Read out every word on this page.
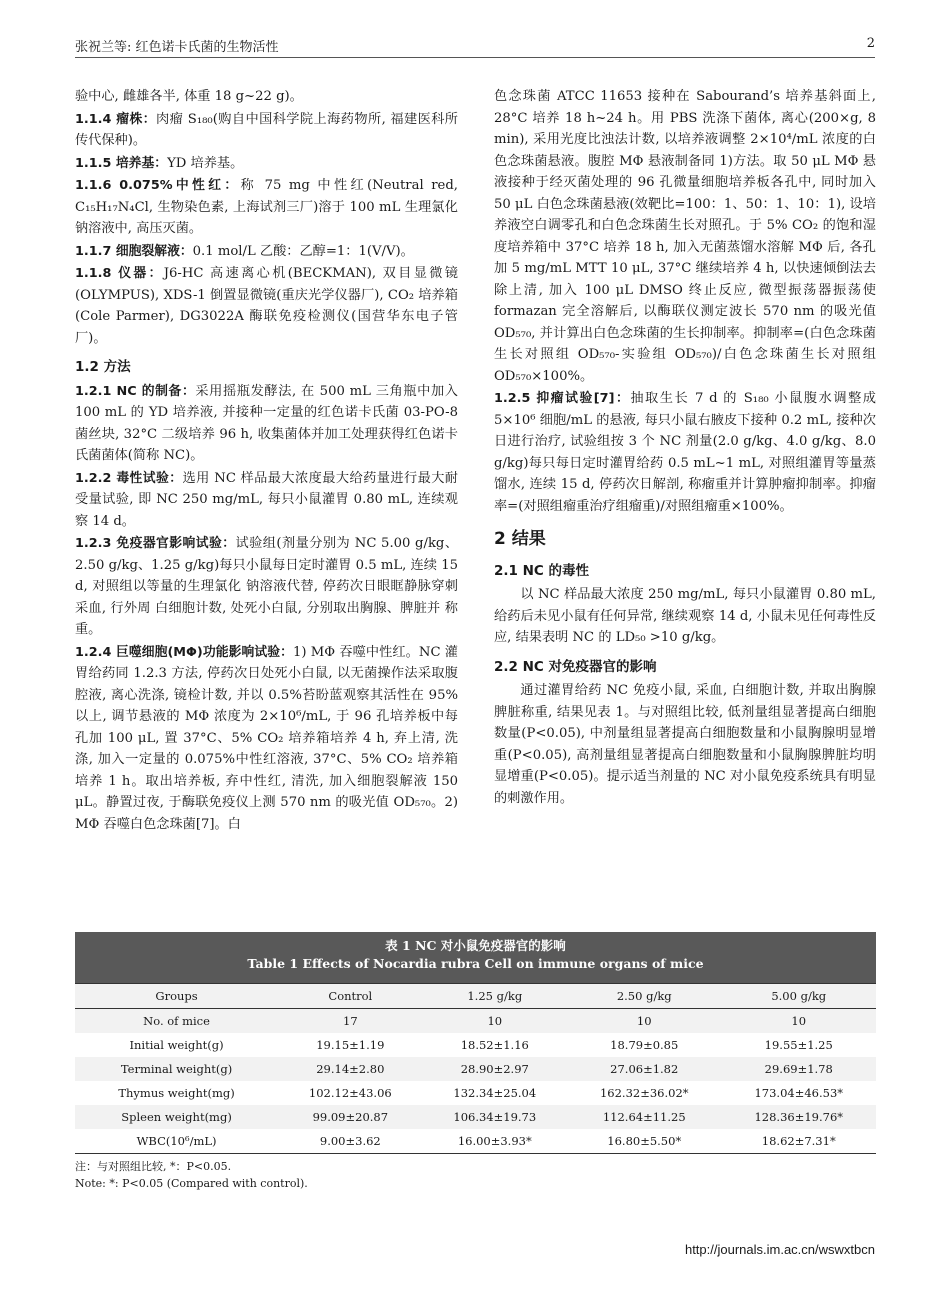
张祝兰等: 红色诺卡氏菌的生物活性	2

验中心, 雌雄各半, 体重 18 g~22 g)。

1.1.4 瘤株：肉瘤 S₁₈₀(购自中国科学院上海药物所, 福建医科所传代保种)。

1.1.5 培养基：YD 培养基。

1.1.6 0.075%中性红：称 75 mg 中性红(Neutral red, C₁₅H₁₇N₄Cl, 生物染色素, 上海试剂三厂)溶于 100 mL 生理氯化钠溶液中, 高压灭菌。

1.1.7 细胞裂解液：0.1 mol/L 乙酸：乙醇=1：1(V/V)。

1.1.8 仪器：J6-HC 高速离心机(BECKMAN), 双目显微镜(OLYMPUS), XDS-1 倒置显微镜(重庆光学仪器厂), CO₂ 培养箱(Cole Parmer), DG3022A 酶联免疫检测仪(国营华东电子管厂)。

1.2 方法

1.2.1 NC 的制备：采用摇瓶发酵法, 在 500 mL 三角瓶中加入 100 mL 的 YD 培养液, 并接种一定量的红色诺卡氏菌 03-PO-8 菌丝块, 32°C 二级培养 96 h, 收集菌体并加工处理获得红色诺卡氏菌菌体(简称 NC)。

1.2.2 毒性试验：选用 NC 样品最大浓度最大给药量进行最大耐受量试验, 即 NC 250 mg/mL, 每只小鼠灌胃 0.80 mL, 连续观察 14 d。

1.2.3 免疫器官影响试验：试验组(剂量分别为 NC 5.00 g/kg、2.50 g/kg、1.25 g/kg)每只小鼠每日定时灌胃 0.5 mL, 连续 15 d, 对照组以等量的生理氯化 钠溶液代替, 停药次日眼眶静脉穿刺采血, 行外周 白细胞计数, 处死小白鼠, 分别取出胸腺、脾脏并 称重。

1.2.4 巨噬细胞(MΦ)功能影响试验：1) MΦ 吞噬中性红。NC 灌胃给药同 1.2.3 方法, 停药次日处死小白鼠, 以无菌操作法采取腹腔液, 离心洗涤, 镜检计数, 并以 0.5%苔盼蓝观察其活性在 95%以上, 调节悬液的 MΦ 浓度为 2×10⁶/mL, 于 96 孔培养板中每孔加 100 μL, 置 37°C、5% CO₂ 培养箱培养 4 h, 弃上清, 洗涤, 加入一定量的 0.075%中性红溶液, 37°C、5% CO₂ 培养箱培养 1 h。取出培养板, 弃中性红, 清洗, 加入细胞裂解液 150 μL。静置过夜, 于酶联免疫仪上测 570 nm 的吸光值 OD₅₇₀。2) MΦ 吞噬白色念珠菌[7]。白

色念珠菌 ATCC 11653 接种在 Sabourand’s 培养基斜面上, 28°C 培养 18 h~24 h。用 PBS 洗涤下菌体, 离心(200×g, 8 min), 采用光度比浊法计数, 以培养液调整 2×10⁴/mL 浓度的白色念珠菌悬液。腹腔 MΦ 悬液制备同 1)方法。取 50 μL MΦ 悬液接种于经灭菌处理的 96 孔微量细胞培养板各孔中, 同时加入 50 μL 白色念珠菌悬液(效靶比=100：1、50：1、10：1), 设培养液空白调零孔和白色念珠菌生长对照孔。于 5% CO₂ 的饱和湿度培养箱中 37°C 培养 18 h, 加入无菌蒸馏水溶解 MΦ 后, 各孔加 5 mg/mL MTT 10 μL, 37°C 继续培养 4 h, 以快速倾倒法去除上清, 加入 100 μL DMSO 终止反应, 微型振荡器振荡使 formazan 完全溶解后, 以酶联仪测定波长 570 nm 的吸光值 OD₅₇₀, 并计算出白色念珠菌的生长抑制率。抑制率=(白色念珠菌生长对照组 OD₅₇₀-实验组 OD₅₇₀)/白色念珠菌生长对照组 OD₅₇₀×100%。

1.2.5 抑瘤试验[7]：抽取生长 7 d 的 S₁₈₀ 小鼠腹水调整成 5×10⁶ 细胞/mL 的悬液, 每只小鼠右腋皮下接种 0.2 mL, 接种次日进行治疗, 试验组按 3 个 NC 剂量(2.0 g/kg、4.0 g/kg、8.0 g/kg)每只每日定时灌胃给药 0.5 mL~1 mL, 对照组灌胃等量蒸馏水, 连续 15 d, 停药次日解剖, 称瘤重并计算肿瘤抑制率。抑瘤率=(对照组瘤重治疗组瘤重)/对照组瘤重×100%。

2 结果

2.1 NC 的毒性

以 NC 样品最大浓度 250 mg/mL, 每只小鼠灌胃 0.80 mL, 给药后未见小鼠有任何异常, 继续观察 14 d, 小鼠未见任何毒性反应, 结果表明 NC 的 LD₅₀ >10 g/kg。

2.2 NC 对免疫器官的影响

通过灌胃给药 NC 免疫小鼠, 采血, 白细胞计数, 并取出胸腺脾脏称重, 结果见表 1。与对照组比较, 低剂量组显著提高白细胞数量(P<0.05), 中剂量组显著提高白细胞数量和小鼠胸腺明显增重(P<0.05), 高剂量组显著提高白细胞数量和小鼠胸腺脾脏均明显增重(P<0.05)。提示适当剂量的 NC 对小鼠免疫系统具有明显的刺激作用。

表 1 NC 对小鼠免疫器官的影响
Table 1 Effects of Nocardia rubra Cell on immune organs of mice
Groups	Control	1.25 g/kg	2.50 g/kg	5.00 g/kg
No. of mice	17	10	10	10
Initial weight(g)	19.15±1.19	18.52±1.16	18.79±0.85	19.55±1.25
Terminal weight(g)	29.14±2.80	28.90±2.97	27.06±1.82	29.69±1.78
Thymus weight(mg)	102.12±43.06	132.34±25.04	162.32±36.02*	173.04±46.53*
Spleen weight(mg)	99.09±20.87	106.34±19.73	112.64±11.25	128.36±19.76*
WBC(10⁶/mL)	9.00±3.62	16.00±3.93*	16.80±5.50*	18.62±7.31*
注：与对照组比较, *：P<0.05.
Note: *: P<0.05 (Compared with control).
http://journals.im.ac.cn/wswxtbcn
